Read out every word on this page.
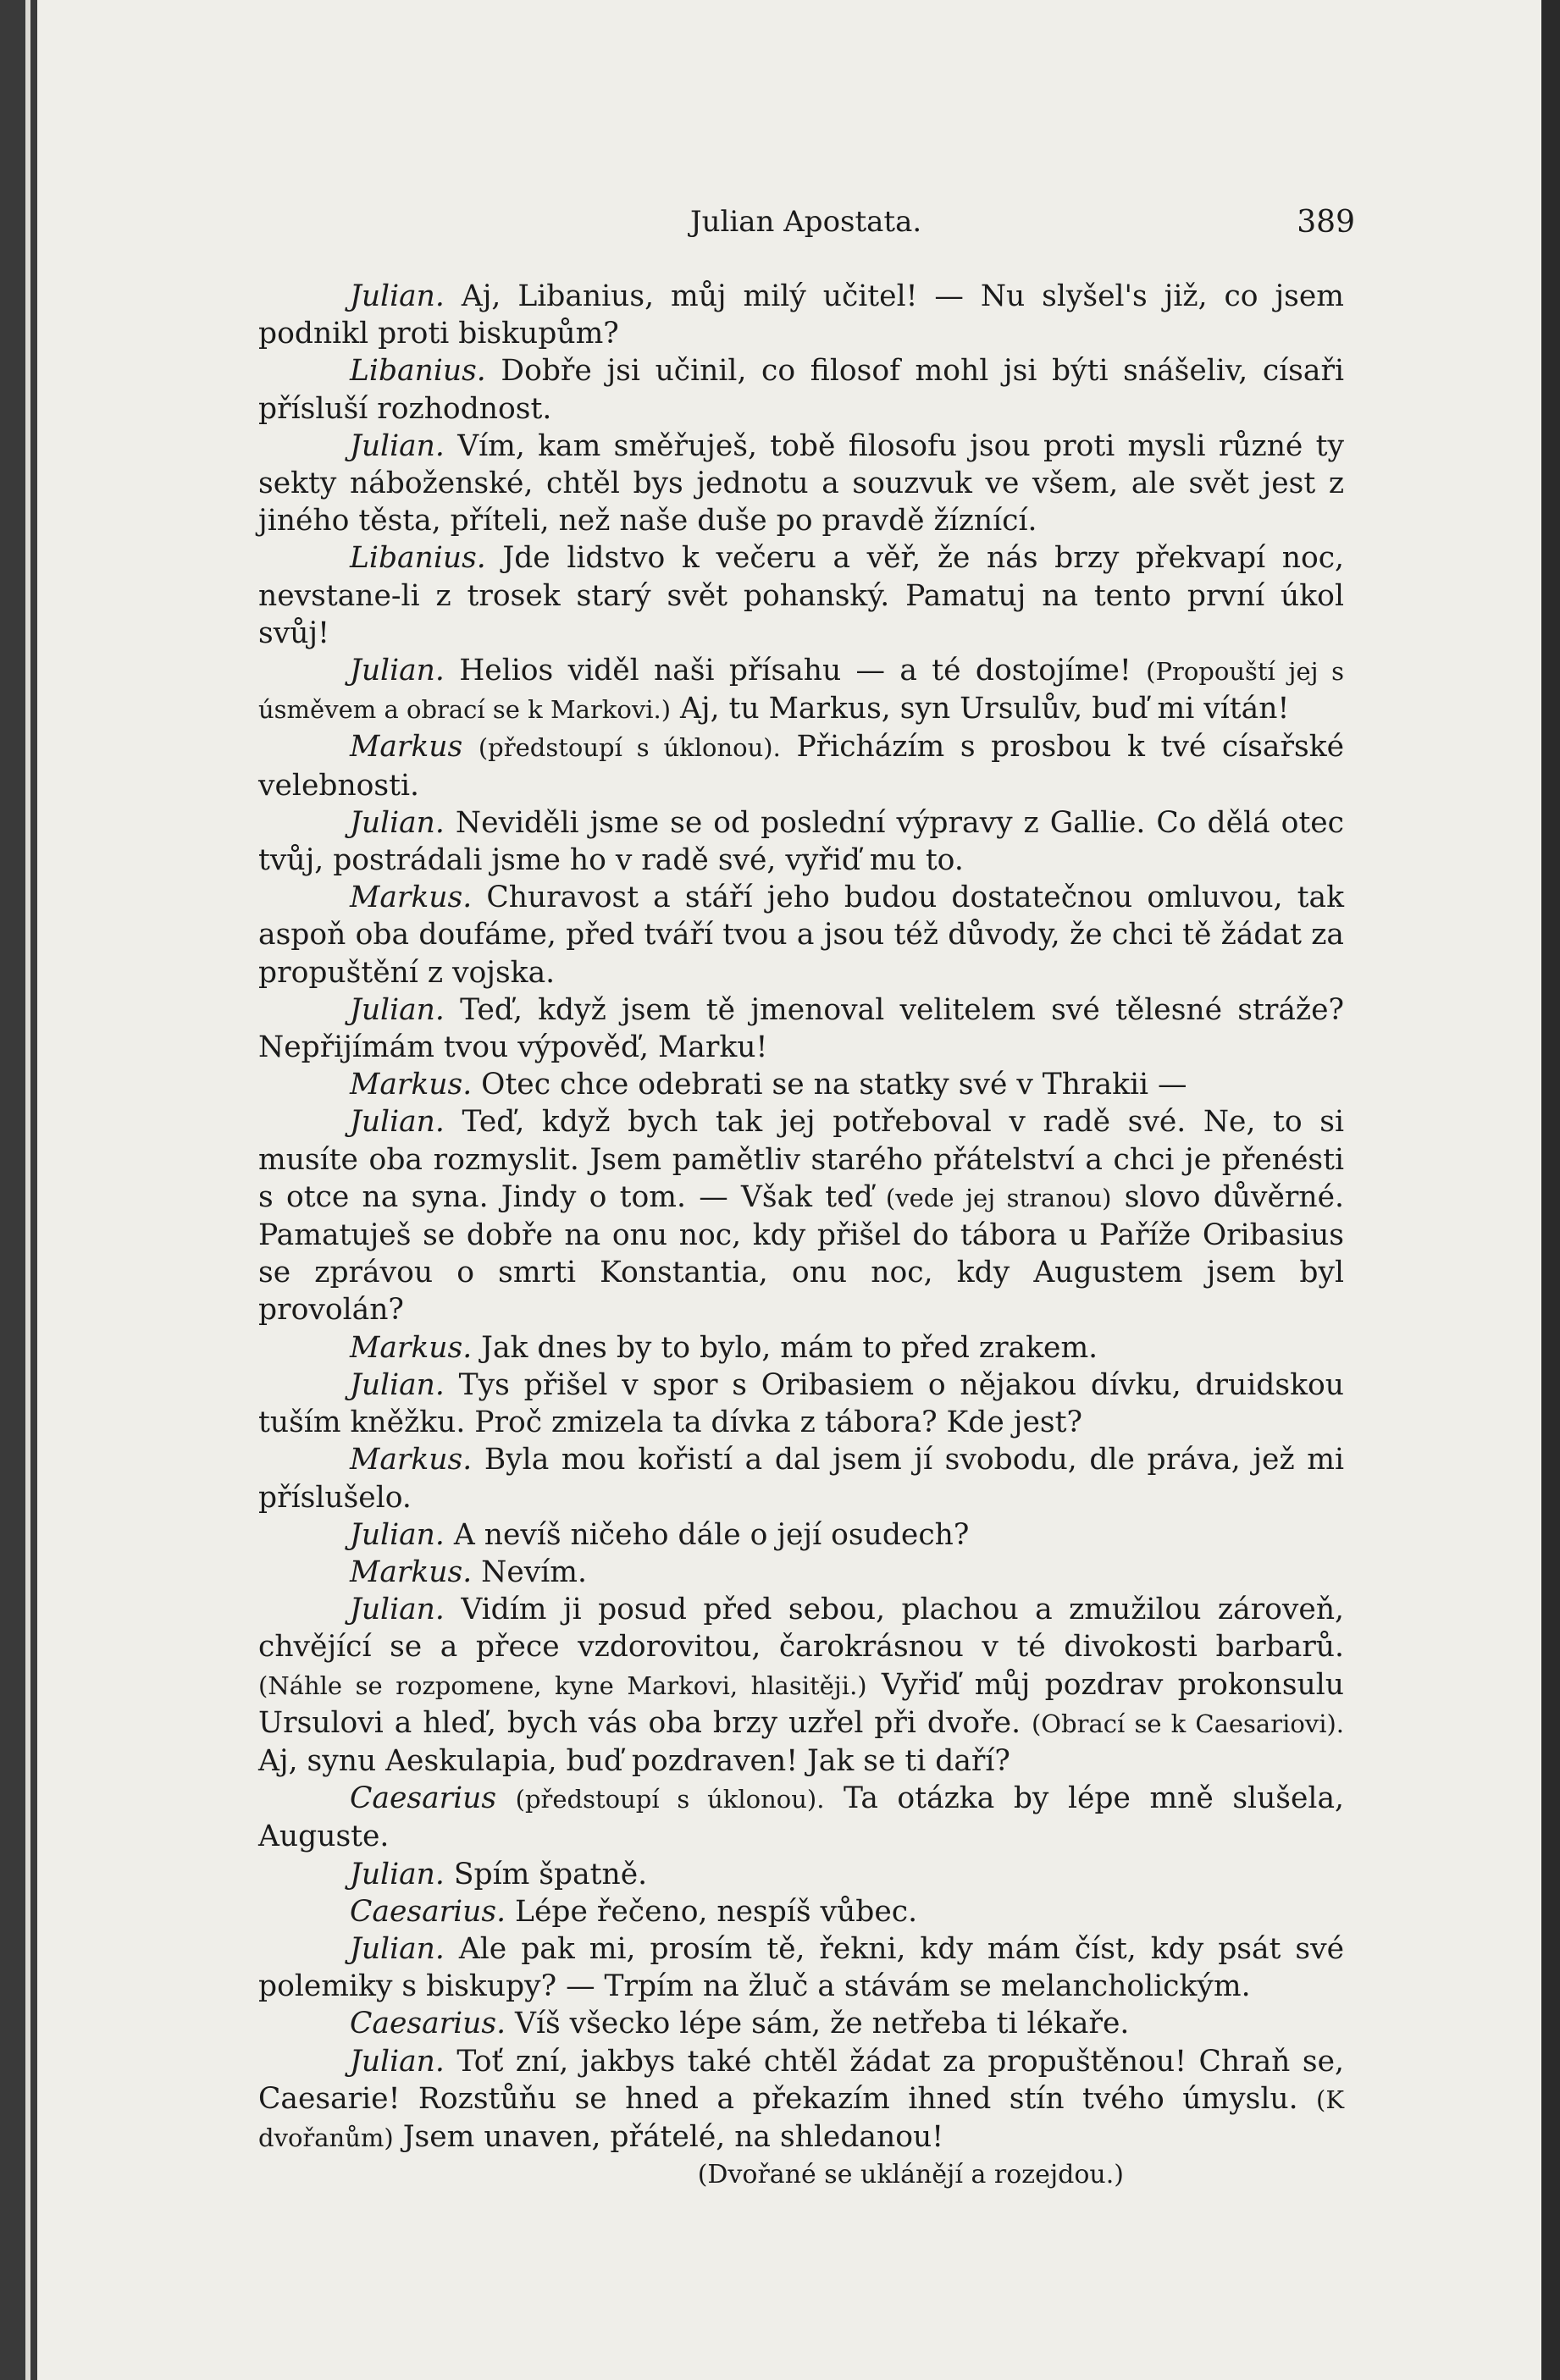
Julian Apostata.	389

Julian. Aj, Libanius, můj milý učitel! — Nu slyšel's již, co jsem podnikl proti biskupům?

Libanius. Dobře jsi učinil, co filosof mohl jsi býti snášeliv, císaři přísluší rozhodnost.

Julian. Vím, kam směřuješ, tobě filosofu jsou proti mysli různé ty sekty náboženské, chtěl bys jednotu a souzvuk ve všem, ale svět jest z jiného těsta, příteli, než naše duše po pravdě žíznící.

Libanius. Jde lidstvo k večeru a věř, že nás brzy překvapí noc, nevstane-li z trosek starý svět pohanský. Pamatuj na tento první úkol svůj!

Julian. Helios viděl naši přísahu — a té dostojíme! (Propouští jej s úsměvem a obrací se k Markovi.) Aj, tu Markus, syn Ursulův, buď mi vítán!

Markus (předstoupí s úklonou). Přicházím s prosbou k tvé císařské velebnosti.

Julian. Neviděli jsme se od poslední výpravy z Gallie. Co dělá otec tvůj, postrádali jsme ho v radě své, vyřiď mu to.

Markus. Churavost a stáří jeho budou dostatečnou omluvou, tak aspoň oba doufáme, před tváří tvou a jsou též důvody, že chci tě žádat za propuštění z vojska.

Julian. Teď, když jsem tě jmenoval velitelem své tělesné stráže? Nepřijímám tvou výpověď, Marku!

Markus. Otec chce odebrati se na statky své v Thrakii —

Julian. Teď, když bych tak jej potřeboval v radě své. Ne, to si musíte oba rozmyslit. Jsem pamětliv starého přátelství a chci je přenésti s otce na syna. Jindy o tom. — Však teď (vede jej stranou) slovo důvěrné. Pamatuješ se dobře na onu noc, kdy přišel do tábora u Paříže Oribasius se zprávou o smrti Konstantia, onu noc, kdy Augustem jsem byl provolán?

Markus. Jak dnes by to bylo, mám to před zrakem.

Julian. Tys přišel v spor s Oribasiem o nějakou dívku, druidskou tuším kněžku. Proč zmizela ta dívka z tábora? Kde jest?

Markus. Byla mou kořistí a dal jsem jí svobodu, dle práva, jež mi příslušelo.

Julian. A nevíš ničeho dále o její osudech?

Markus. Nevím.

Julian. Vidím ji posud před sebou, plachou a zmužilou zároveň, chvějící se a přece vzdorovitou, čarokrásnou v té divokosti barbarů. (Náhle se rozpomene, kyne Markovi, hlasitěji.) Vyřiď můj pozdrav prokonsulu Ursulovi a hleď, bych vás oba brzy uzřel při dvoře. (Obrací se k Caesariovi). Aj, synu Aeskulapia, buď pozdraven! Jak se ti daří?

Caesarius (předstoupí s úklonou). Ta otázka by lépe mně slušela, Auguste.

Julian. Spím špatně.

Caesarius. Lépe řečeno, nespíš vůbec.

Julian. Ale pak mi, prosím tě, řekni, kdy mám číst, kdy psát své polemiky s biskupy? — Trpím na žluč a stávám se melancholickým.

Caesarius. Víš všecko lépe sám, že netřeba ti lékaře.

Julian. Toť zní, jakbys také chtěl žádat za propuštěnou! Chraň se, Caesarie! Rozstůňu se hned a překazím ihned stín tvého úmyslu. (K dvořanům) Jsem unaven, přátelé, na shledanou!

(Dvořané se uklánějí a rozejdou.)
